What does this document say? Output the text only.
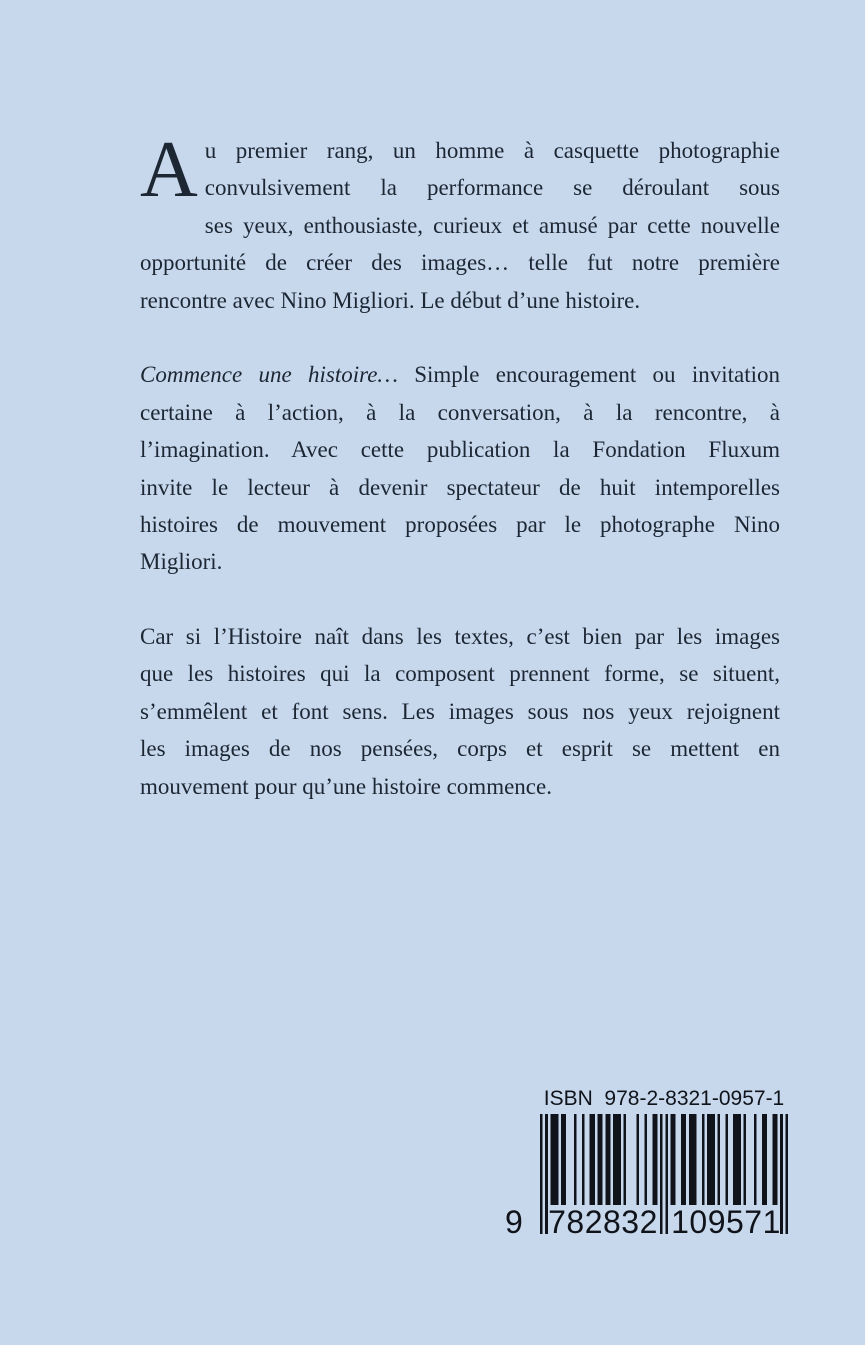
A u premier rang, un homme à casquette photographie
convulsivement la performance se déroulant sous
ses yeux, enthousiaste, curieux et amusé par cette nouvelle
opportunité de créer des images… telle fut notre première
rencontre avec Nino Migliori. Le début d’une histoire.
Commence une histoire… Simple encouragement ou invitation
certaine à l’action, à la conversation, à la rencontre, à
l’imagination. Avec cette publication la Fondation Fluxum
invite le lecteur à devenir spectateur de huit intemporelles
histoires de mouvement proposées par le photographe Nino
Migliori.
Car si l’Histoire naît dans les textes, c’est bien par les images
que les histoires qui la composent prennent forme, se situent,
s’emmêlent et font sens. Les images sous nos yeux rejoignent
les images de nos pensées, corps et esprit se mettent en
mouvement pour qu’une histoire commence.
ISBN  978-2-8321-0957-1
9 782832 109571
